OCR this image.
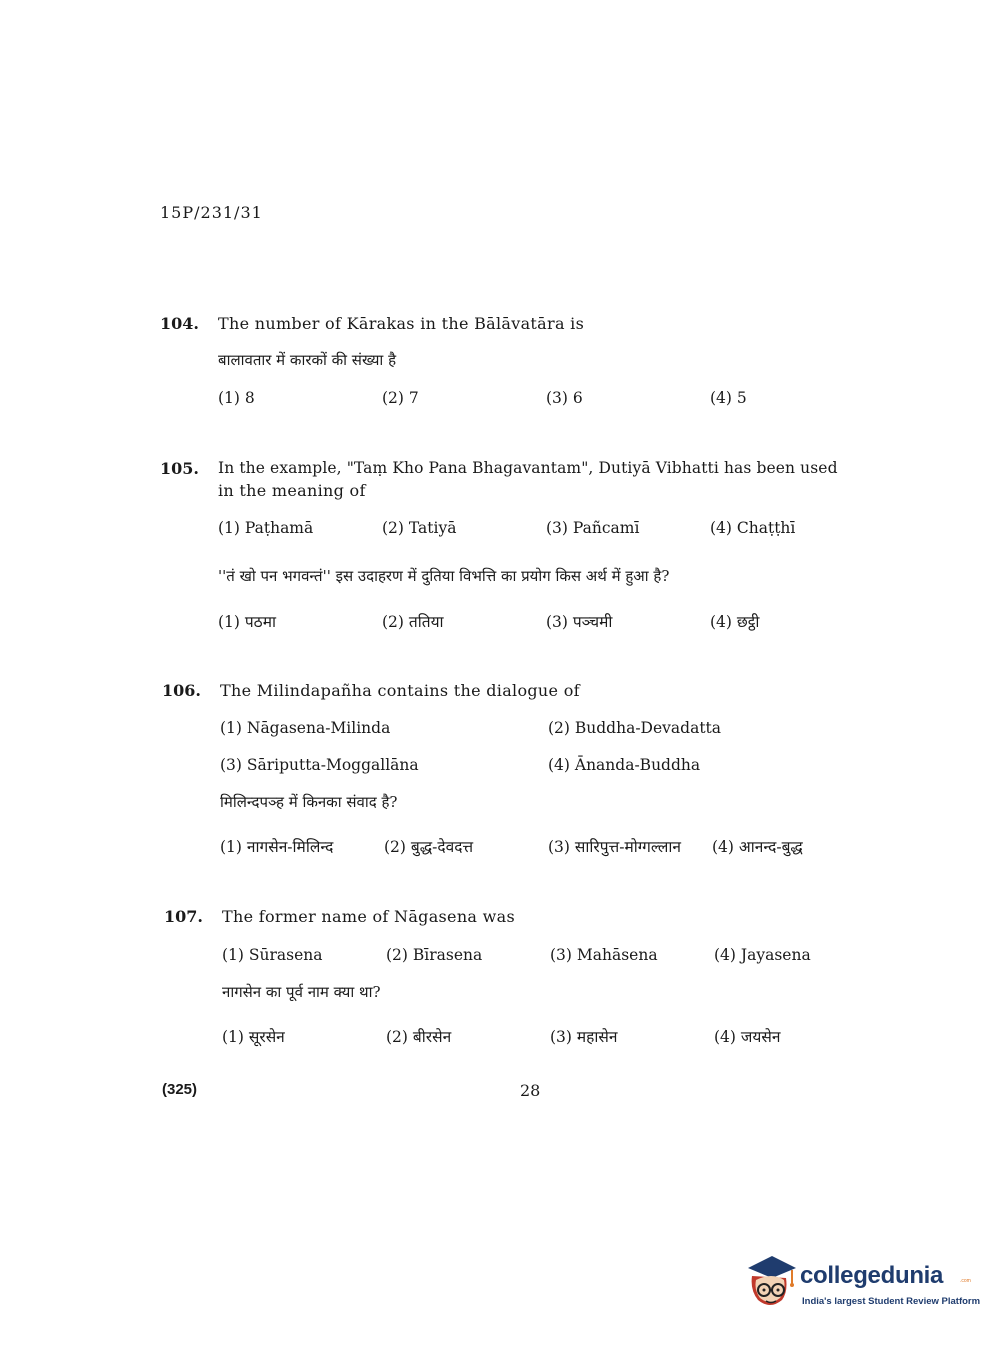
15P/231/31
104. The number of Kārakas in the Bālāvatāra is
बालावतार में कारकों की संख्या है
(1) 8	(2) 7	(3) 6	(4) 5
105. In the example, "Taṃ Kho Pana Bhagavantam", Dutiyā Vibhatti has been used
in the meaning of
(1) Paṭhamā	(2) Tatiyā	(3) Pañcamī	(4) Chaṭṭhī
''तं खो पन भगवन्तं'' इस उदाहरण में दुतिया विभत्ति का प्रयोग किस अर्थ में हुआ है?
(1) पठमा	(2) ततिया	(3) पञ्चमी	(4) छट्ठी
106. The Milindapañha contains the dialogue of
(1) Nāgasena-Milinda	(2) Buddha-Devadatta
(3) Sāriputta-Moggallāna	(4) Ānanda-Buddha
मिलिन्दपञ्ह में किनका संवाद है?
(1) नागसेन-मिलिन्द	(2) बुद्ध-देवदत्त	(3) सारिपुत्त-मोग्गल्लान (4) आनन्द-बुद्ध
107. The former name of Nāgasena was
(1) Sūrasena	(2) Bīrasena	(3) Mahāsena	(4) Jayasena
नागसेन का पूर्व नाम क्या था?
(1) सूरसेन	(2) बीरसेन	(3) महासेन	(4) जयसेन
(325)	28
collegedunia	.com
India's largest Student Review Platform
